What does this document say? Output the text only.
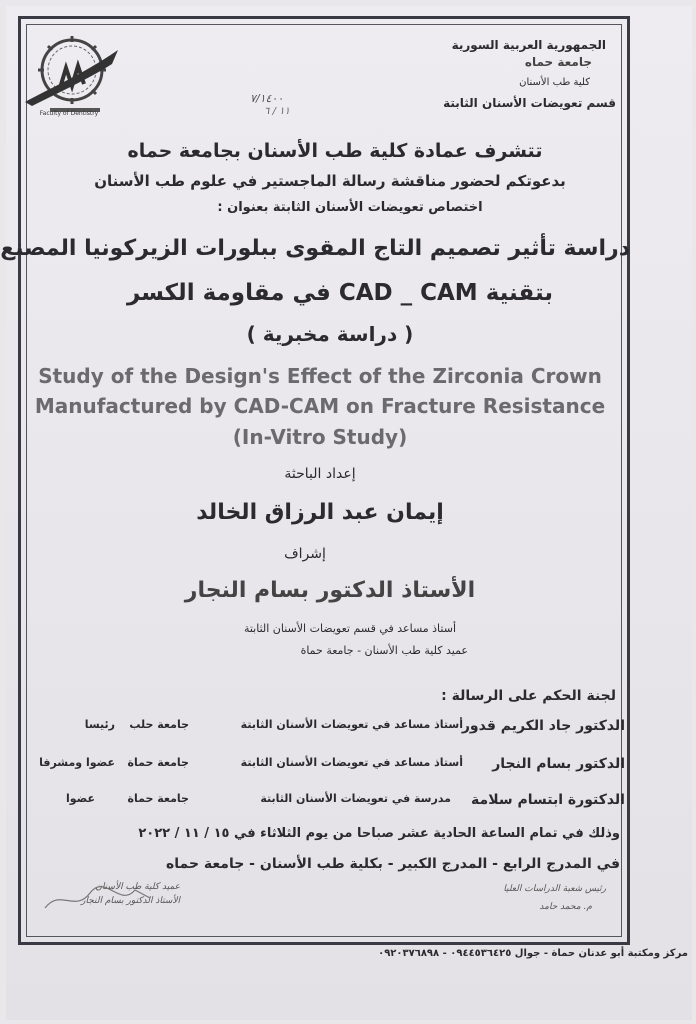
Faculty of Dentistry
الجمهورية العربية السورية
جامعة حماه
كلية طب الأسنان
قسم تعويضات الأسنان الثابتة
٧/١٤٠٠
١١ / ٦
تتشرف عمادة كلية طب الأسنان بجامعة حماه
بدعوتكم لحضور مناقشة رسالة الماجستير في علوم طب الأسنان
اختصاص تعويضات الأسنان الثابتة بعنوان :
دراسة تأثير تصميم التاج المقوى ببلورات الزيركونيا المصنع
بتقنية CAD _ CAM في مقاومة الكسر
( دراسة مخبرية )
Study of the Design's Effect of the Zirconia Crown
Manufactured by CAD-CAM on Fracture Resistance
(In-Vitro Study)
إعداد الباحثة
إيمان عبد الرزاق الخالد
إشراف
الأستاذ الدكتور بسام النجار
أستاذ مساعد في قسم تعويضات الأسنان الثابتة
عميد كلية طب الأسنان - جامعة حماة
لجنة الحكم على الرسالة :
الدكتور جاد الكريم قدور
أستاذ مساعد في تعويضات الأسنان الثابتة
جامعة حلب
رئيسا
الدكتور بسام النجار
أستاذ مساعد في تعويضات الأسنان الثابتة
جامعة حماة
عضوا ومشرفا
الدكتورة ابتسام سلامة
مدرسة في تعويضات الأسنان الثابتة
جامعة حماة
عضوا
وذلك في تمام الساعة الحادية عشر صباحا من يوم الثلاثاء في ١٥ / ١١ / ٢٠٢٢
في المدرج الرابع - المدرج الكبير - بكلية طب الأسنان - جامعة حماه
عميد كلية طب الأسنان
الأستاذ الدكتور بسام النجار
رئيس شعبة الدراسات العليا
م. محمد حامد
مركز ومكتبة أبو عدنان حماة - جوال ٠٩٤٤٥٣٦٤٢٥ - ٠٩٢٠٣٧٦٨٩٨
